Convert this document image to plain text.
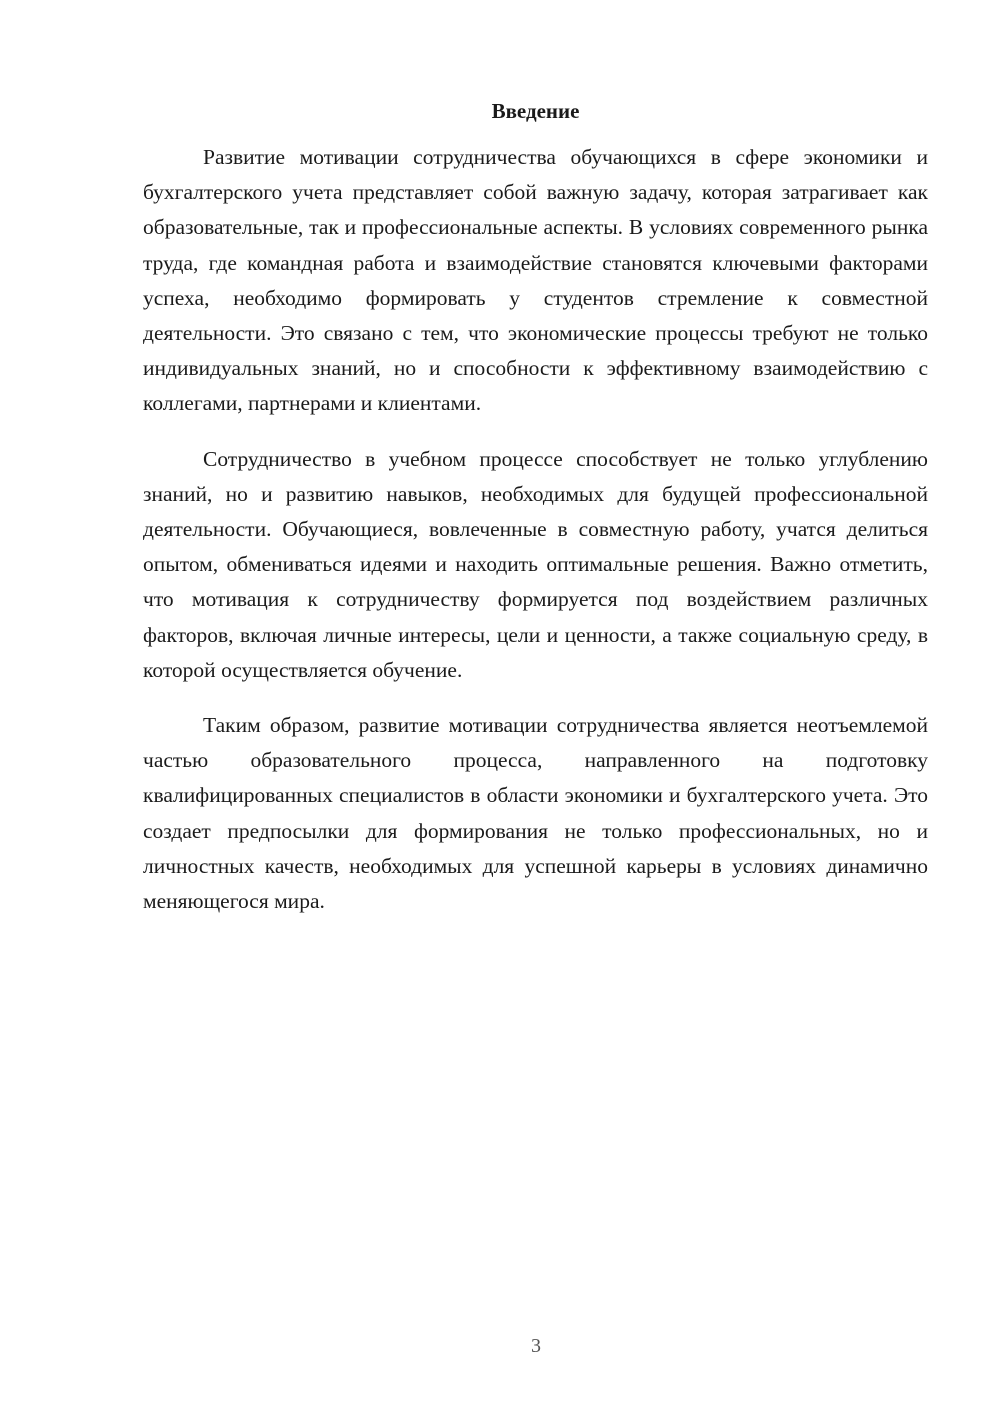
Введение

Развитие мотивации сотрудничества обучающихся в сфере экономики и бухгалтерского учета представляет собой важную задачу, которая затрагивает как образовательные, так и профессиональные аспекты. В условиях современного рынка труда, где командная работа и взаимодействие становятся ключевыми факторами успеха, необходимо формировать у студентов стремление к совместной деятельности. Это связано с тем, что экономические процессы требуют не только индивидуальных знаний, но и способности к эффективному взаимодействию с коллегами, партнерами и клиентами.

Сотрудничество в учебном процессе способствует не только углублению знаний, но и развитию навыков, необходимых для будущей профессиональной деятельности. Обучающиеся, вовлеченные в совместную работу, учатся делиться опытом, обмениваться идеями и находить оптимальные решения. Важно отметить, что мотивация к сотрудничеству формируется под воздействием различных факторов, включая личные интересы, цели и ценности, а также социальную среду, в которой осуществляется обучение.

Таким образом, развитие мотивации сотрудничества является неотъемлемой частью образовательного процесса, направленного на подготовку квалифицированных специалистов в области экономики и бухгалтерского учета. Это создает предпосылки для формирования не только профессиональных, но и личностных качеств, необходимых для успешной карьеры в условиях динамично меняющегося мира.

3
